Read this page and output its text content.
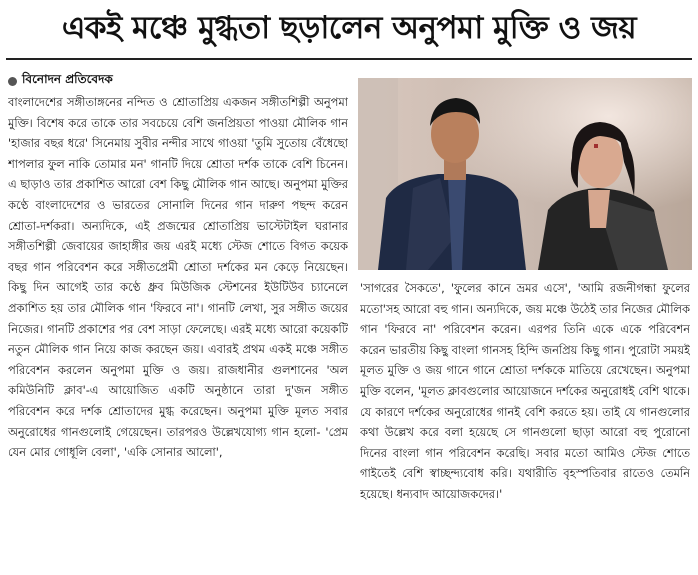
একই মঞ্চে মুগ্ধতা ছড়ালেন অনুপমা মুক্তি ও জয়
বিনোদন প্রতিবেদক
বাংলাদেশের সঙ্গীতাঙ্গনের নন্দিত ও শ্রোতাপ্রিয় একজন সঙ্গীতশিল্পী অনুপমা মুক্তি। বিশেষ করে তাকে তার সবচেয়ে বেশি জনপ্রিয়তা পাওয়া মৌলিক গান 'হাজার বছর ধরে' সিনেমায় সুবীর নন্দীর সাথে গাওয়া 'তুমি সুতোয় বেঁধেছো শাপলার ফুল নাকি তোমার মন' গানটি দিয়ে শ্রোতা দর্শক তাকে বেশি চিনেন। এ ছাড়াও তার প্রকাশিত আরো বেশ কিছু মৌলিক গান আছে। অনুপমা মুক্তির কণ্ঠে বাংলাদেশের ও ভারতের সোনালি দিনের গান দারুণ পছন্দ করেন শ্রোতা-দর্শকরা। অন্যদিকে, এই প্রজন্মের শ্রোতাপ্রিয় ভাস্টেটাইল ঘরানার সঙ্গীতশিল্পী জেবায়ের জাহাঙ্গীর জয় এরই মধ্যে স্টেজ শোতে বিগত কয়েক বছর গান পরিবেশন করে সঙ্গীতপ্রেমী শ্রোতা দর্শকের মন কেড়ে নিয়েছেন। কিছু দিন আগেই তার কণ্ঠে ধ্রুব মিউজিক স্টেশনের ইউটিউব চ্যানেলে প্রকাশিত হয় তার মৌলিক গান 'ফিরবে না'। গানটি লেখা, সুর সঙ্গীত জয়ের নিজের। গানটি প্রকাশের পর বেশ সাড়া ফেলেছে। এরই মধ্যে আরো কয়েকটি নতুন মৌলিক গান নিয়ে কাজ করছেন জয়। এবারই প্রথম একই মঞ্চে সঙ্গীত পরিবেশন করলেন অনুপমা মুক্তি ও জয়। রাজধানীর গুলশানের 'অল কমিউনিটি ক্লাব'-এ আয়োজিত একটি অনুষ্ঠানে তারা দু'জন সঙ্গীত পরিবেশন করে দর্শক শ্রোতাদের মুগ্ধ করেছেন। অনুপমা মুক্তি মূলত সবার অনুরোধের গানগুলোই গেয়েছেন। তারপরও উল্লেখযোগ্য গান হলো- 'প্রেম যেন মোর গোধূলি বেলা', 'একি সোনার আলো',
'সাগরের সৈকতে', 'ফুলের কানে ভ্রমর এসে', 'আমি রজনীগন্ধা ফুলের মতো'সহ আরো বহু গান। অন্যদিকে, জয় মঞ্চে উঠেই তার নিজের মৌলিক গান 'ফিরবে না' পরিবেশন করেন। এরপর তিনি একে একে পরিবেশন করেন ভারতীয় কিছু বাংলা গানসহ হিন্দি জনপ্রিয় কিছু গান। পুরোটা সময়ই মূলত মুক্তি ও জয় গানে গানে শ্রোতা দর্শককে মাতিয়ে রেখেছেন। অনুপমা মুক্তি বলেন, 'মূলত ক্লাবগুলোর আয়োজনে দর্শকের অনুরোধই বেশি থাকে। যে কারণে দর্শকের অনুরোধের গানই বেশি করতে হয়। তাই যে গানগুলোর কথা উল্লেখ করে বলা হয়েছে সে গানগুলো ছাড়া আরো বহু পুরোনো দিনের বাংলা গান পরিবেশন করেছি। সবার মতো আমিও স্টেজ শোতে গাইতেই বেশি স্বাচ্ছন্দ্যবোধ করি। যথারীতি বৃহস্পতিবার রাতেও তেমনি হয়েছে। ধন্যবাদ আয়োজকদের।'
